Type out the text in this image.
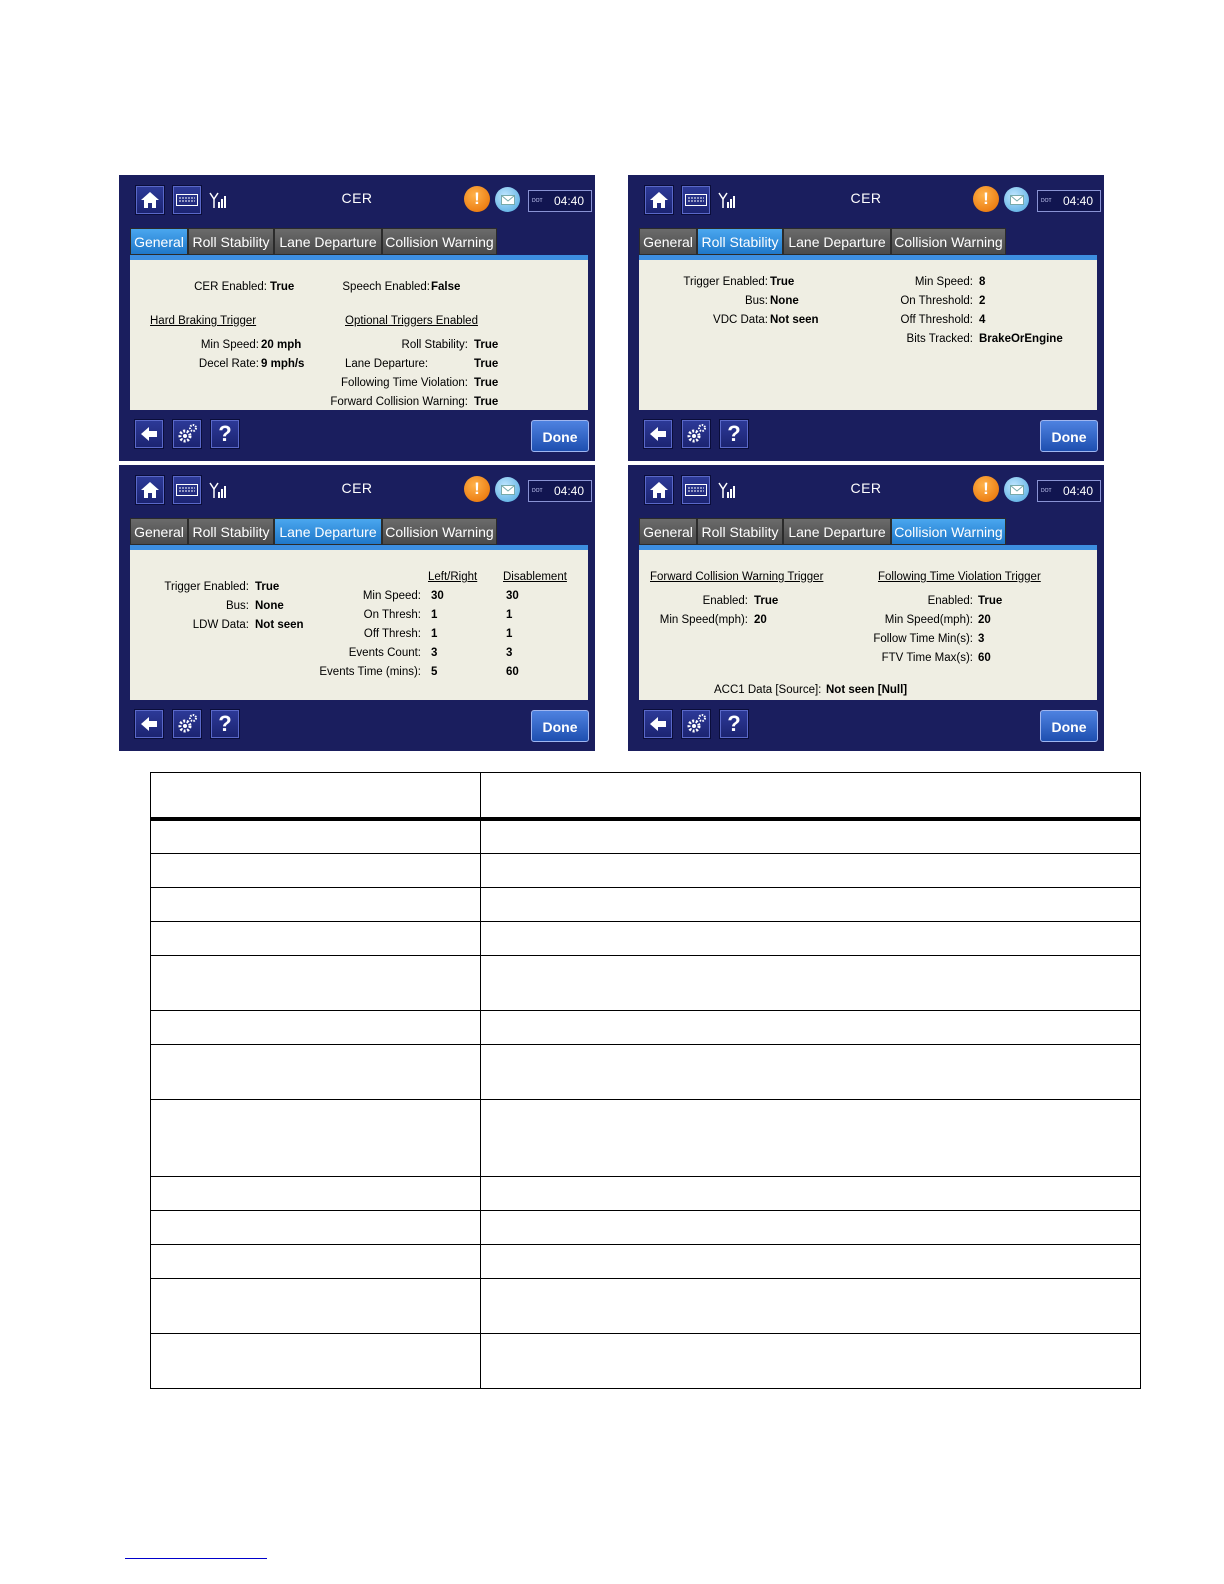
CER	!	DOT 04:40
General Roll Stability Lane Departure Collision Warning
CER Enabled: True	Speech Enabled: False
Hard Braking Trigger	Optional Triggers Enabled
Min Speed: 20 mph
Decel Rate: 9 mph/s
Roll Stability: True
Lane Departure:	True
Following Time Violation: True
Forward Collision Warning: True
?	Done
CER	!	DOT 04:40
General Roll Stability Lane Departure Collision Warning
Trigger Enabled: True
Bus: None
VDC Data: Not seen
Min Speed: 8
On Threshold: 2
Off Threshold: 4
Bits Tracked: BrakeOrEngine
?	Done
CER	!	DOT 04:40
General Roll Stability Lane Departure Collision Warning
Trigger Enabled: True
Bus: None
LDW Data: Not seen
Left/Right Disablement
Min Speed: 30	30
On Thresh: 1	1
Off Thresh: 1	1
Events Count: 3	3
Events Time (mins): 5	60
?	Done
CER	!	DOT 04:40
General Roll Stability Lane Departure Collision Warning
Forward Collision Warning Trigger	Following Time Violation Trigger
Enabled: True
Min Speed(mph): 20
Enabled: True
Min Speed(mph): 20
Follow Time Min(s): 3
FTV Time Max(s): 60
ACC1 Data [Source]: Not seen [Null]
?	Done
